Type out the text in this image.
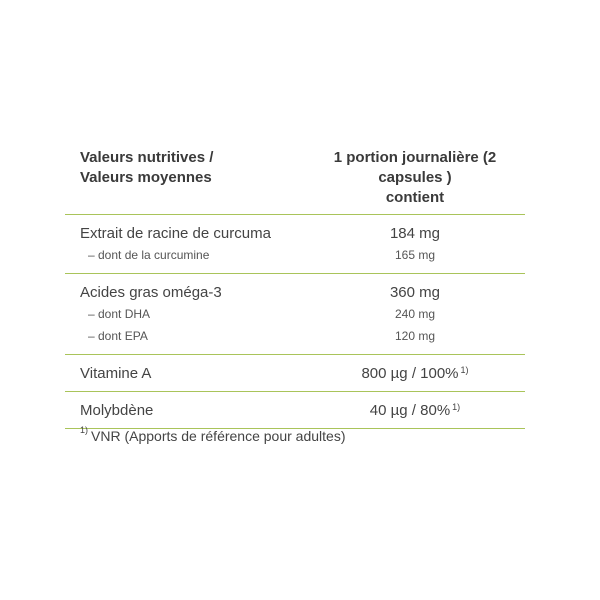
Valeurs nutritives /
Valeurs moyennes
1 portion journalière (2
capsules )
contient
Extrait de racine de curcuma
– dont de la curcumine
184 mg
165 mg
Acides gras oméga-3
– dont DHA
– dont EPA
360 mg
240 mg
120 mg
Vitamine A	800 µg / 100% $^{1)}$
Molybdène	40 µg / 80% $^{1)}$
$^{1)}$ VNR (Apports de référence pour adultes)
